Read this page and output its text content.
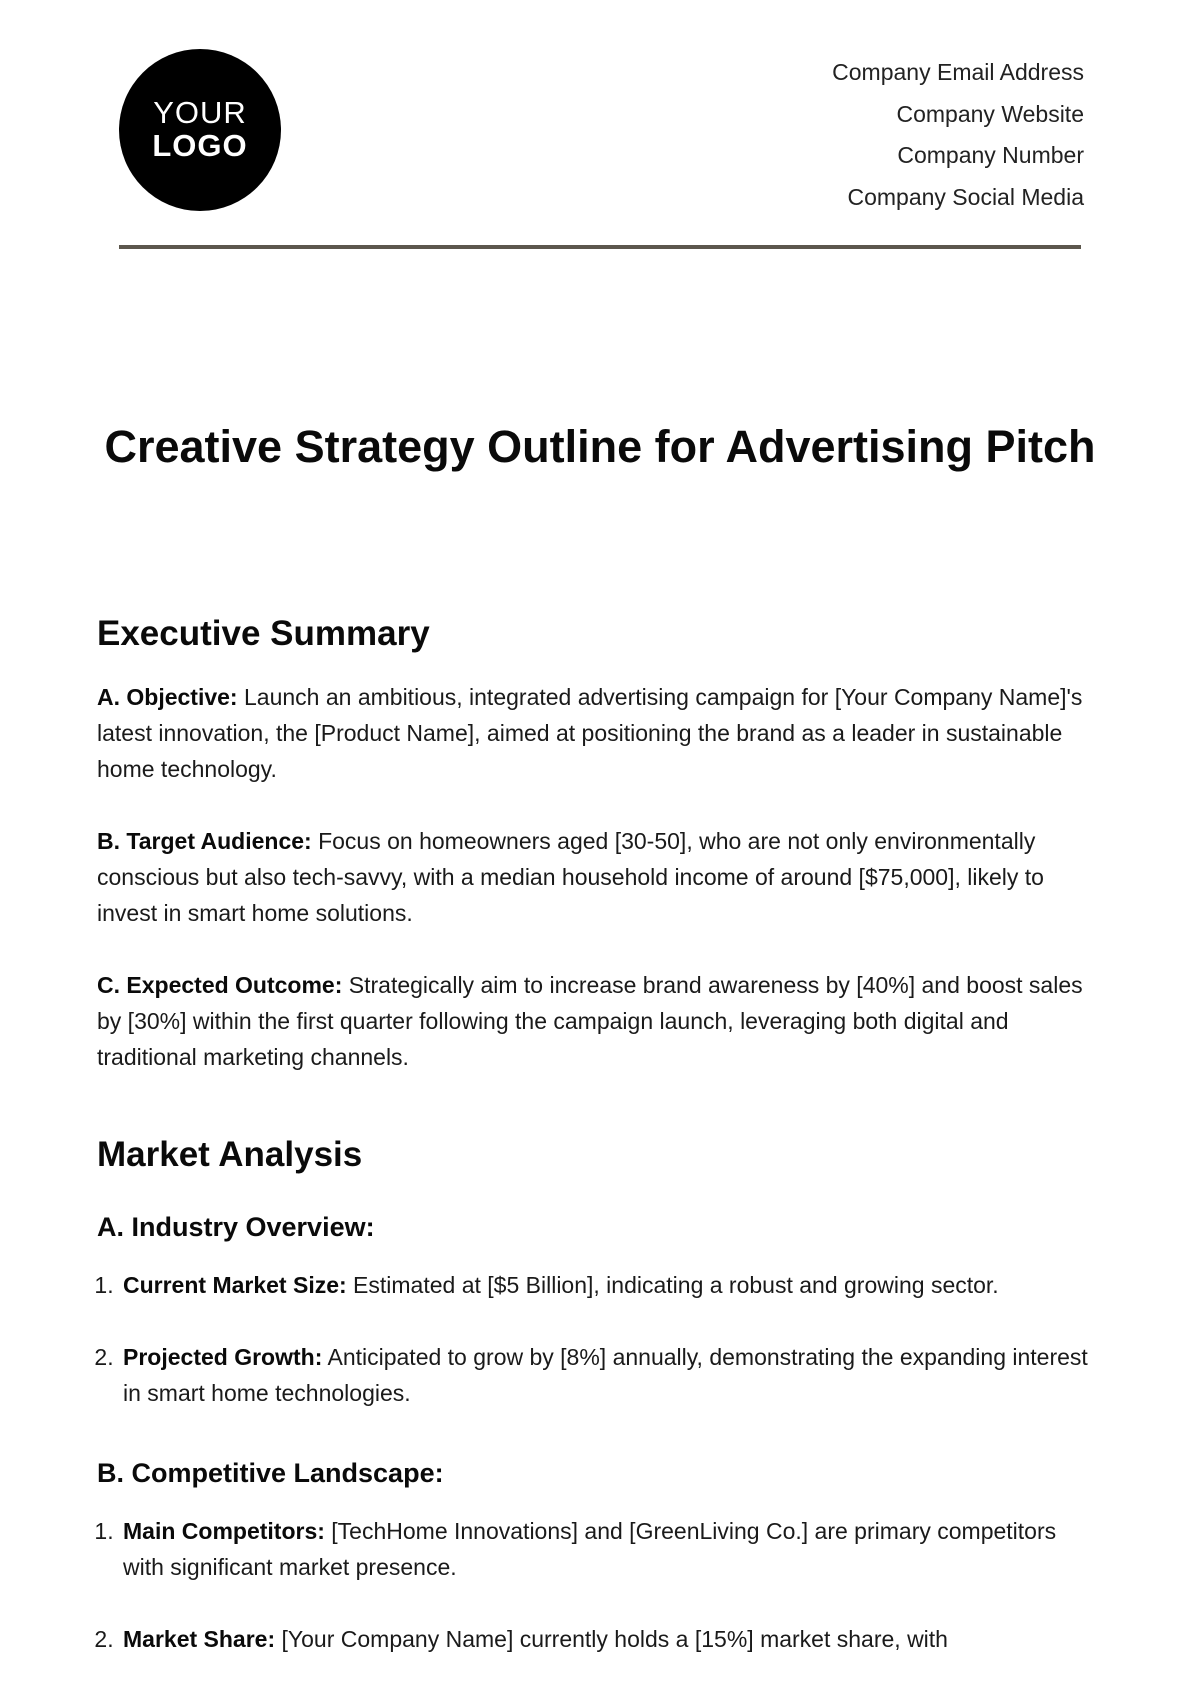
YOUR
LOGO
Company Email Address
Company Website
Company Number
Company Social Media
Creative Strategy Outline for Advertising Pitch
Executive Summary

A. Objective: Launch an ambitious, integrated advertising campaign for [Your Company Name]'s latest innovation, the [Product Name], aimed at positioning the brand as a leader in sustainable home technology.

B. Target Audience: Focus on homeowners aged [30-50], who are not only environmentally conscious but also tech-savvy, with a median household income of around [$75,000], likely to invest in smart home solutions.

C. Expected Outcome: Strategically aim to increase brand awareness by [40%] and boost sales by [30%] within the first quarter following the campaign launch, leveraging both digital and traditional marketing channels.

Market Analysis
A. Industry Overview:
1. Current Market Size: Estimated at [$5 Billion], indicating a robust and growing sector.
2. Projected Growth: Anticipated to grow by [8%] annually, demonstrating the expanding interest in smart home technologies.
B. Competitive Landscape:
1. Main Competitors: [TechHome Innovations] and [GreenLiving Co.] are primary competitors with significant market presence.
2. Market Share: [Your Company Name] currently holds a [15%] market share, with
